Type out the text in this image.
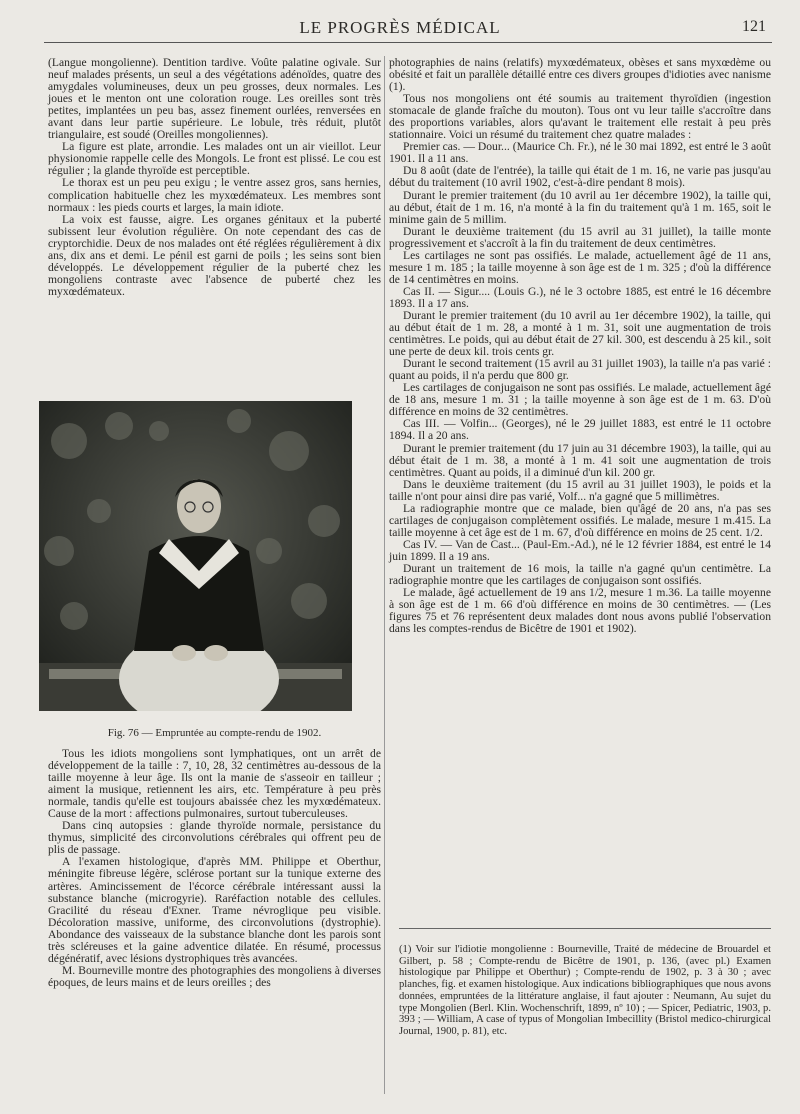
LE PROGRÈS MÉDICAL	121

(Langue mongolienne). Dentition tardive. Voûte palatine ogivale. Sur neuf malades présents, un seul a des végétations adénoïdes, quatre des amygdales volumineuses, deux un peu grosses, deux normales. Les joues et le menton ont une coloration rouge. Les oreilles sont très petites, implantées un peu bas, assez finement ourlées, renversées en avant dans leur partie supérieure. Le lobule, très réduit, plutôt triangulaire, est soudé (Oreilles mongoliennes).

La figure est plate, arrondie. Les malades ont un air vieillot. Leur physionomie rappelle celle des Mongols. Le front est plissé. Le cou est régulier ; la glande thyroïde est perceptible.

Le thorax est un peu peu exigu ; le ventre assez gros, sans hernies, complication habituelle chez les myxœdémateux. Les membres sont normaux : les pieds courts et larges, la main idiote.

La voix est fausse, aigre. Les organes génitaux et la puberté subissent leur évolution régulière. On note cependant des cas de cryptorchidie. Deux de nos malades ont été réglées régulièrement à dix ans, dix ans et demi. Le pénil est garni de poils ; les seins sont bien développés. Le développement régulier de la puberté chez les mongoliens contraste avec l'absence de puberté chez les myxœdémateux.

Fig. 76 — Empruntée au compte-rendu de 1902.

Tous les idiots mongoliens sont lymphatiques, ont un arrêt de développement de la taille : 7, 10, 28, 32 centimètres au-dessous de la taille moyenne à leur âge. Ils ont la manie de s'asseoir en tailleur ; aiment la musique, retiennent les airs, etc. Température à peu près normale, tandis qu'elle est toujours abaissée chez les myxœdémateux. Cause de la mort : affections pulmonaires, surtout tuberculeuses.

Dans cinq autopsies : glande thyroïde normale, persistance du thymus, simplicité des circonvolutions cérébrales qui offrent peu de plis de passage.

A l'examen histologique, d'après MM. Philippe et Oberthur, méningite fibreuse légère, sclérose portant sur la tunique externe des artères. Amincissement de l'écorce cérébrale intéressant aussi la substance blanche (microgyrie). Raréfaction notable des cellules. Gracilité du réseau d'Exner. Trame névroglique peu visible. Décoloration massive, uniforme, des circonvolutions (dystrophie). Abondance des vaisseaux de la substance blanche dont les parois sont très scléreuses et la gaine adventice dilatée. En résumé, processus dégénératif, avec lésions dystrophiques très avancées.

M. Bourneville montre des photographies des mongoliens à diverses époques, de leurs mains et de leurs oreilles ; des

photographies de nains (relatifs) myxœdémateux, obèses et sans myxœdème ou obésité et fait un parallèle détaillé entre ces divers groupes d'idioties avec nanisme (1).

Tous nos mongoliens ont été soumis au traitement thyroïdien (ingestion stomacale de glande fraîche du mouton). Tous ont vu leur taille s'accroître dans des proportions variables, alors qu'avant le traitement elle restait à peu près stationnaire. Voici un résumé du traitement chez quatre malades :

Premier cas. — Dour... (Maurice Ch. Fr.), né le 30 mai 1892, est entré le 3 août 1901. Il a 11 ans.

Du 8 août (date de l'entrée), la taille qui était de 1 m. 16, ne varie pas jusqu'au début du traitement (10 avril 1902, c'est-à-dire pendant 8 mois).

Durant le premier traitement (du 10 avril au 1er décembre 1902), la taille qui, au début, était de 1 m. 16, n'a monté à la fin du traitement qu'à 1 m. 165, soit le minime gain de 5 millim.

Durant le deuxième traitement (du 15 avril au 31 juillet), la taille monte progressivement et s'accroît à la fin du traitement de deux centimètres.

Les cartilages ne sont pas ossifiés. Le malade, actuellement âgé de 11 ans, mesure 1 m. 185 ; la taille moyenne à son âge est de 1 m. 325 ; d'où la différence de 14 centimètres en moins.

Cas II. — Sigur.... (Louis G.), né le 3 octobre 1885, est entré le 16 décembre 1893. Il a 17 ans.

Durant le premier traitement (du 10 avril au 1er décembre 1902), la taille, qui au début était de 1 m. 28, a monté à 1 m. 31, soit une augmentation de trois centimètres. Le poids, qui au début était de 27 kil. 300, est descendu à 25 kil., soit une perte de deux kil. trois cents gr.

Durant le second traitement (15 avril au 31 juillet 1903), la taille n'a pas varié : quant au poids, il n'a perdu que 800 gr.

Les cartilages de conjugaison ne sont pas ossifiés. Le malade, actuellement âgé de 18 ans, mesure 1 m. 31 ; la taille moyenne à son âge est de 1 m. 63. D'où différence en moins de 32 centimètres.

Cas III. — Volfin... (Georges), né le 29 juillet 1883, est entré le 11 octobre 1894. Il a 20 ans.

Durant le premier traitement (du 17 juin au 31 décembre 1903), la taille, qui au début était de 1 m. 38, a monté à 1 m. 41 soit une augmentation de trois centimètres. Quant au poids, il a diminué d'un kil. 200 gr.

Dans le deuxième traitement (du 15 avril au 31 juillet 1903), le poids et la taille n'ont pour ainsi dire pas varié, Volf... n'a gagné que 5 millimètres.

La radiographie montre que ce malade, bien qu'âgé de 20 ans, n'a pas ses cartilages de conjugaison complètement ossifiés. Le malade, mesure 1 m.415. La taille moyenne à cet âge est de 1 m. 67, d'où différence en moins de 25 cent. 1/2.

Cas IV. — Van de Cast... (Paul-Em.-Ad.), né le 12 février 1884, est entré le 14 juin 1899. Il a 19 ans.

Durant un traitement de 16 mois, la taille n'a gagné qu'un centimètre. La radiographie montre que les cartilages de conjugaison sont ossifiés.

Le malade, âgé actuellement de 19 ans 1/2, mesure 1 m.36. La taille moyenne à son âge est de 1 m. 66 d'où différence en moins de 30 centimètres. — (Les figures 75 et 76 représentent deux malades dont nous avons publié l'observation dans les comptes-rendus de Bicêtre de 1901 et 1902).

(1) Voir sur l'idiotie mongolienne : Bourneville, Traité de médecine de Brouardel et Gilbert, p. 58 ; Compte-rendu de Bicêtre de 1901, p. 136, (avec pl.) Examen histologique par Philippe et Oberthur) ; Compte-rendu de 1902, p. 3 à 30 ; avec planches, fig. et examen histologique. Aux indications bibliographiques que nous avons données, empruntées de la littérature anglaise, il faut ajouter : Neumann, Au sujet du type Mongolien (Berl. Klin. Wochenschrift, 1899, nº 10) ; — Spicer, Pediatric, 1903, p. 393 ; — William, A case of typus of Mongolian Imbecillity (Bristol medico-chirurgical Journal, 1900, p. 81), etc.
